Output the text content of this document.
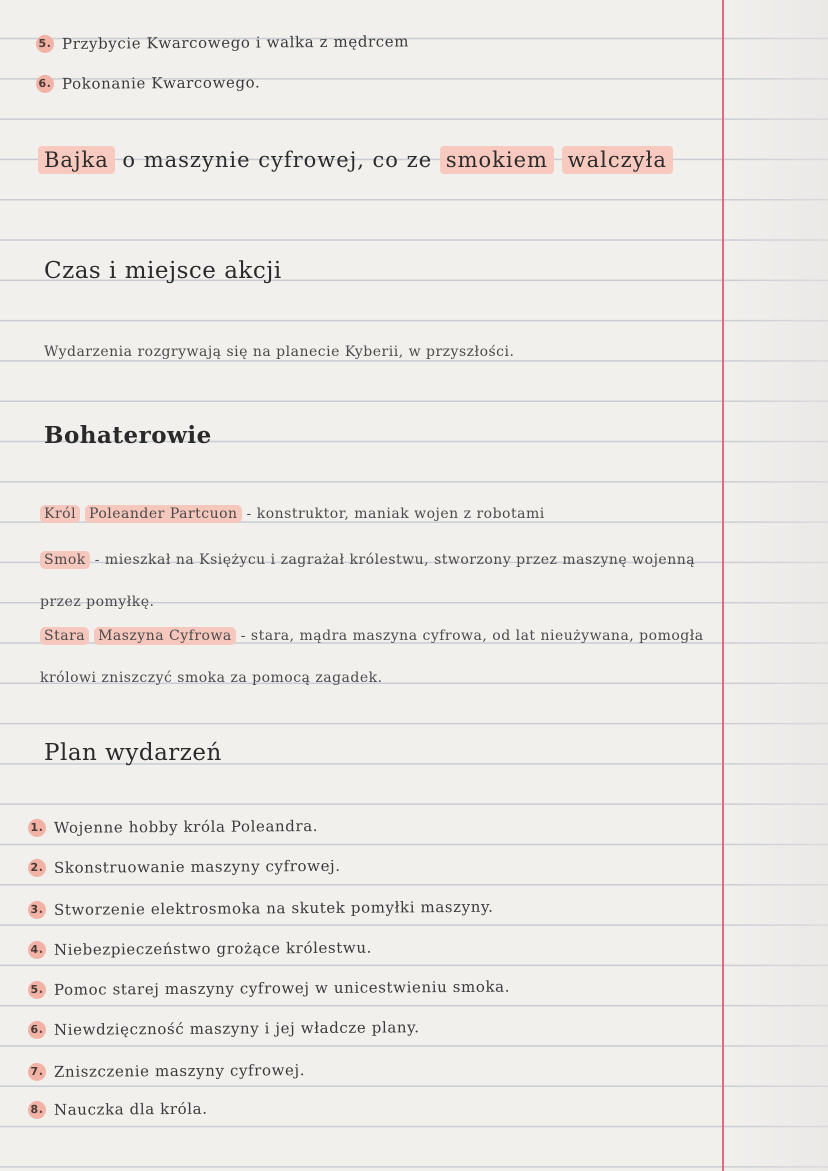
5. Przybycie Kwarcowego i walka z mędrcem
6. Pokonanie Kwarcowego.
Bajka o maszynie cyfrowej, co ze smokiem walczyła
Czas i miejsce akcji
Wydarzenia rozgrywają się na planecie Kyberii, w przyszłości.
Bohaterowie
Król Poleander Partcuon - konstruktor, maniak wojen z robotami
Smok - mieszkał na Księżycu i zagrażał królestwu, stworzony przez maszynę wojenną
przez pomyłkę.
Stara Maszyna Cyfrowa - stara, mądra maszyna cyfrowa, od lat nieużywana, pomogła
królowi zniszczyć smoka za pomocą zagadek.
Plan wydarzeń
1. Wojenne hobby króla Poleandra.
2. Skonstruowanie maszyny cyfrowej.
3. Stworzenie elektrosmoka na skutek pomyłki maszyny.
4. Niebezpieczeństwo grożące królestwu.
5. Pomoc starej maszyny cyfrowej w unicestwieniu smoka.
6. Niewdzięczność maszyny i jej władcze plany.
7. Zniszczenie maszyny cyfrowej.
8. Nauczka dla króla.
